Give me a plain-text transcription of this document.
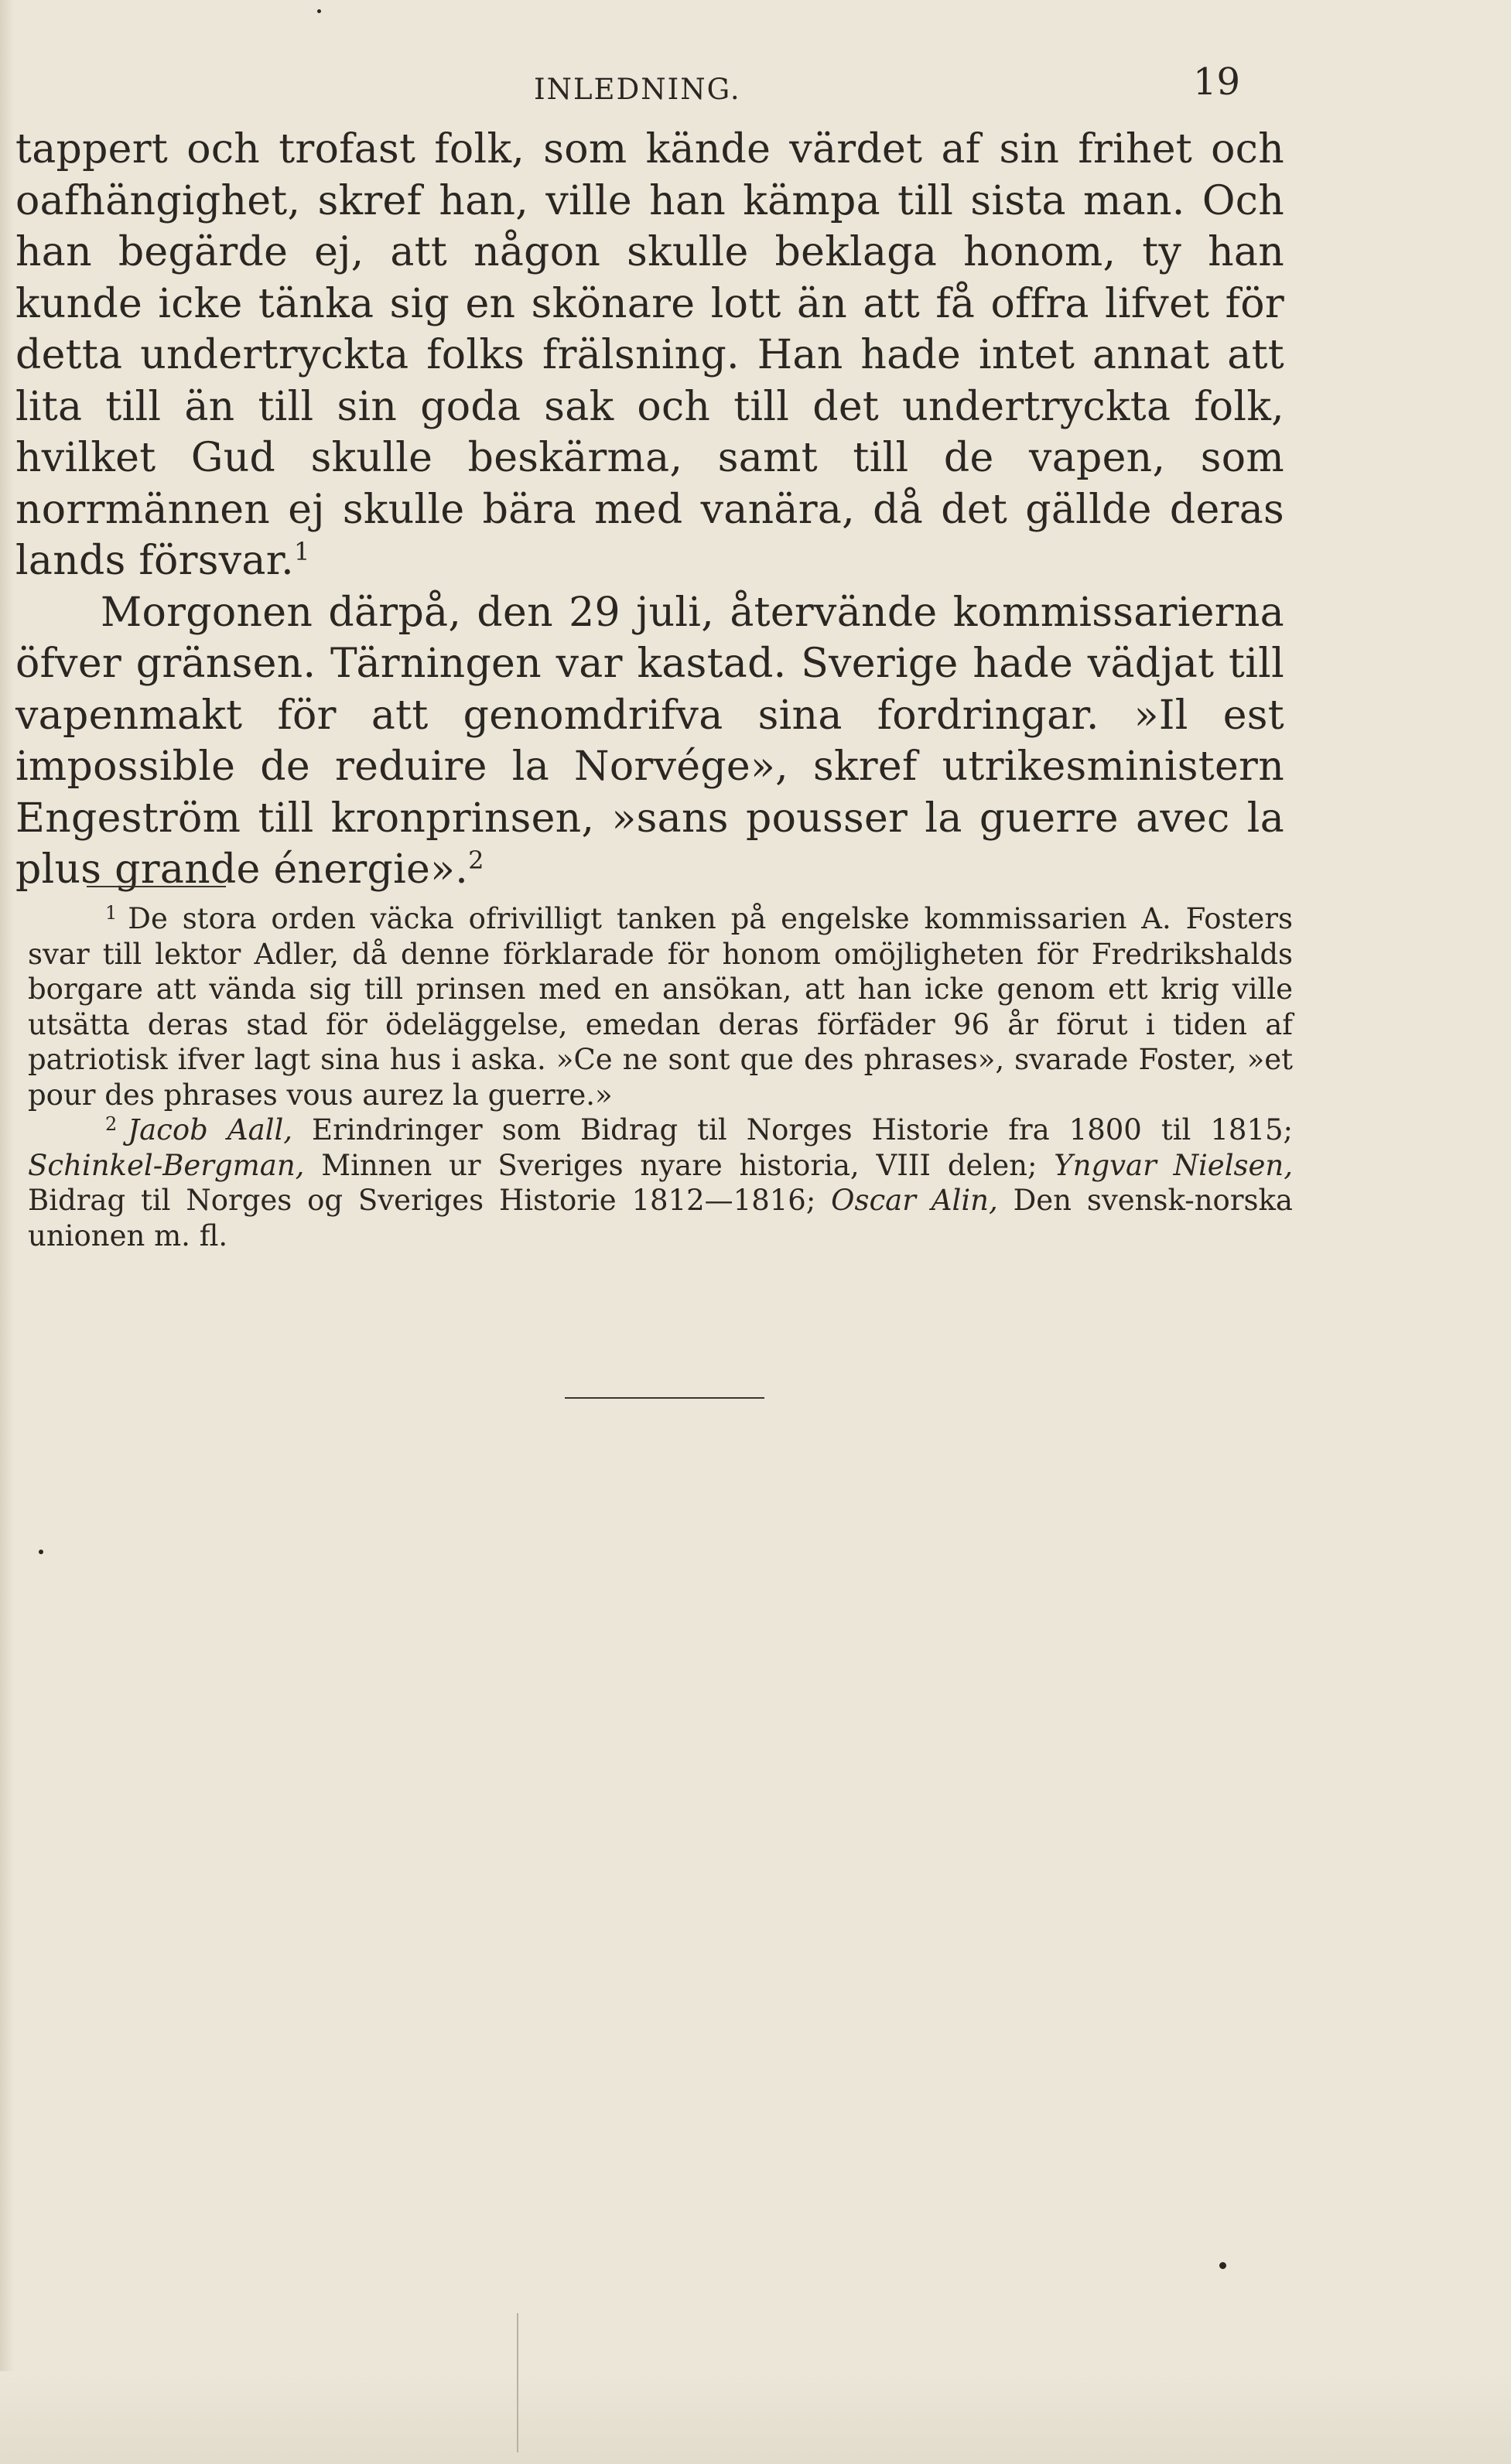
INLEDNING.	19

tappert och trofast folk, som kände värdet af sin frihet och oafhängighet, skref han, ville han kämpa till sista man. Och han begärde ej, att någon skulle beklaga honom, ty han kunde icke tänka sig en skönare lott än att få offra lifvet för detta undertryckta folks frälsning. Han hade intet annat att lita till än till sin goda sak och till det undertryckta folk, hvilket Gud skulle beskärma, samt till de vapen, som norrmännen ej skulle bära med vanära, då det gällde deras lands försvar.$^1$

Morgonen därpå, den 29 juli, återvände kommissarierna öfver gränsen. Tärningen var kastad. Sverige hade vädjat till vapenmakt för att genomdrifva sina fordringar. »Il est impossible de reduire la Norvége», skref utrikesministern Engeström till kronprinsen, »sans pousser la guerre avec la plus grande énergie».$^2$

$^1$ De stora orden väcka ofrivilligt tanken på engelske kommissarien A. Fosters svar till lektor Adler, då denne förklarade för honom omöjligheten för Fredrikshalds borgare att vända sig till prinsen med en ansökan, att han icke genom ett krig ville utsätta deras stad för ödeläggelse, emedan deras förfäder 96 år förut i tiden af patriotisk ifver lagt sina hus i aska. »Ce ne sont que des phrases», svarade Foster, »et pour des phrases vous aurez la guerre.»

$^2$ Jacob Aall, Erindringer som Bidrag til Norges Historie fra 1800 til 1815; Schinkel-Bergman, Minnen ur Sveriges nyare historia, VIII delen; Yngvar Nielsen, Bidrag til Norges og Sveriges Historie 1812—1816; Oscar Alin, Den svensk-norska unionen m. fl.
